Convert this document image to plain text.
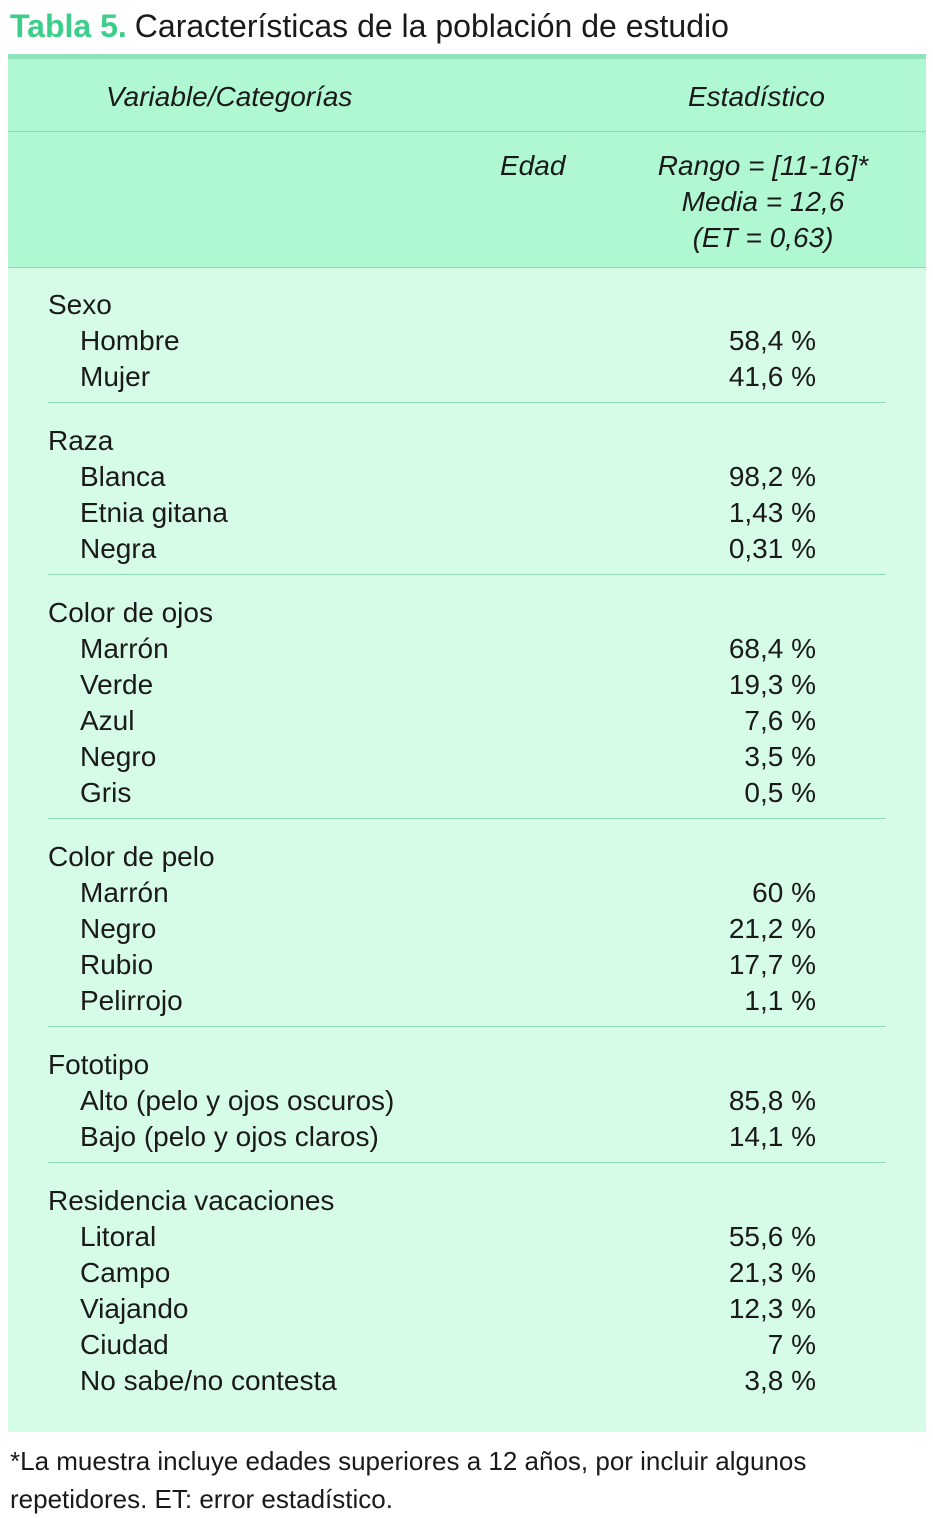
Tabla 5. Características de la población de estudio
Variable/Categorías	Estadístico
Edad	Rango = [11-16]*
Media = 12,6
(ET = 0,63)
Sexo
Hombre	58,4 %
Mujer	41,6 %
Raza
Blanca	98,2 %
Etnia gitana	1,43 %
Negra	0,31 %
Color de ojos
Marrón	68,4 %
Verde	19,3 %
Azul	7,6 %
Negro	3,5 %
Gris	0,5 %
Color de pelo
Marrón	60 %
Negro	21,2 %
Rubio	17,7 %
Pelirrojo	1,1 %
Fototipo
Alto (pelo y ojos oscuros)	85,8 %
Bajo (pelo y ojos claros)	14,1 %
Residencia vacaciones
Litoral	55,6 %
Campo	21,3 %
Viajando	12,3 %
Ciudad	7 %
No sabe/no contesta	3,8 %
*La muestra incluye edades superiores a 12 años, por incluir algunos repetidores. ET: error estadístico.
